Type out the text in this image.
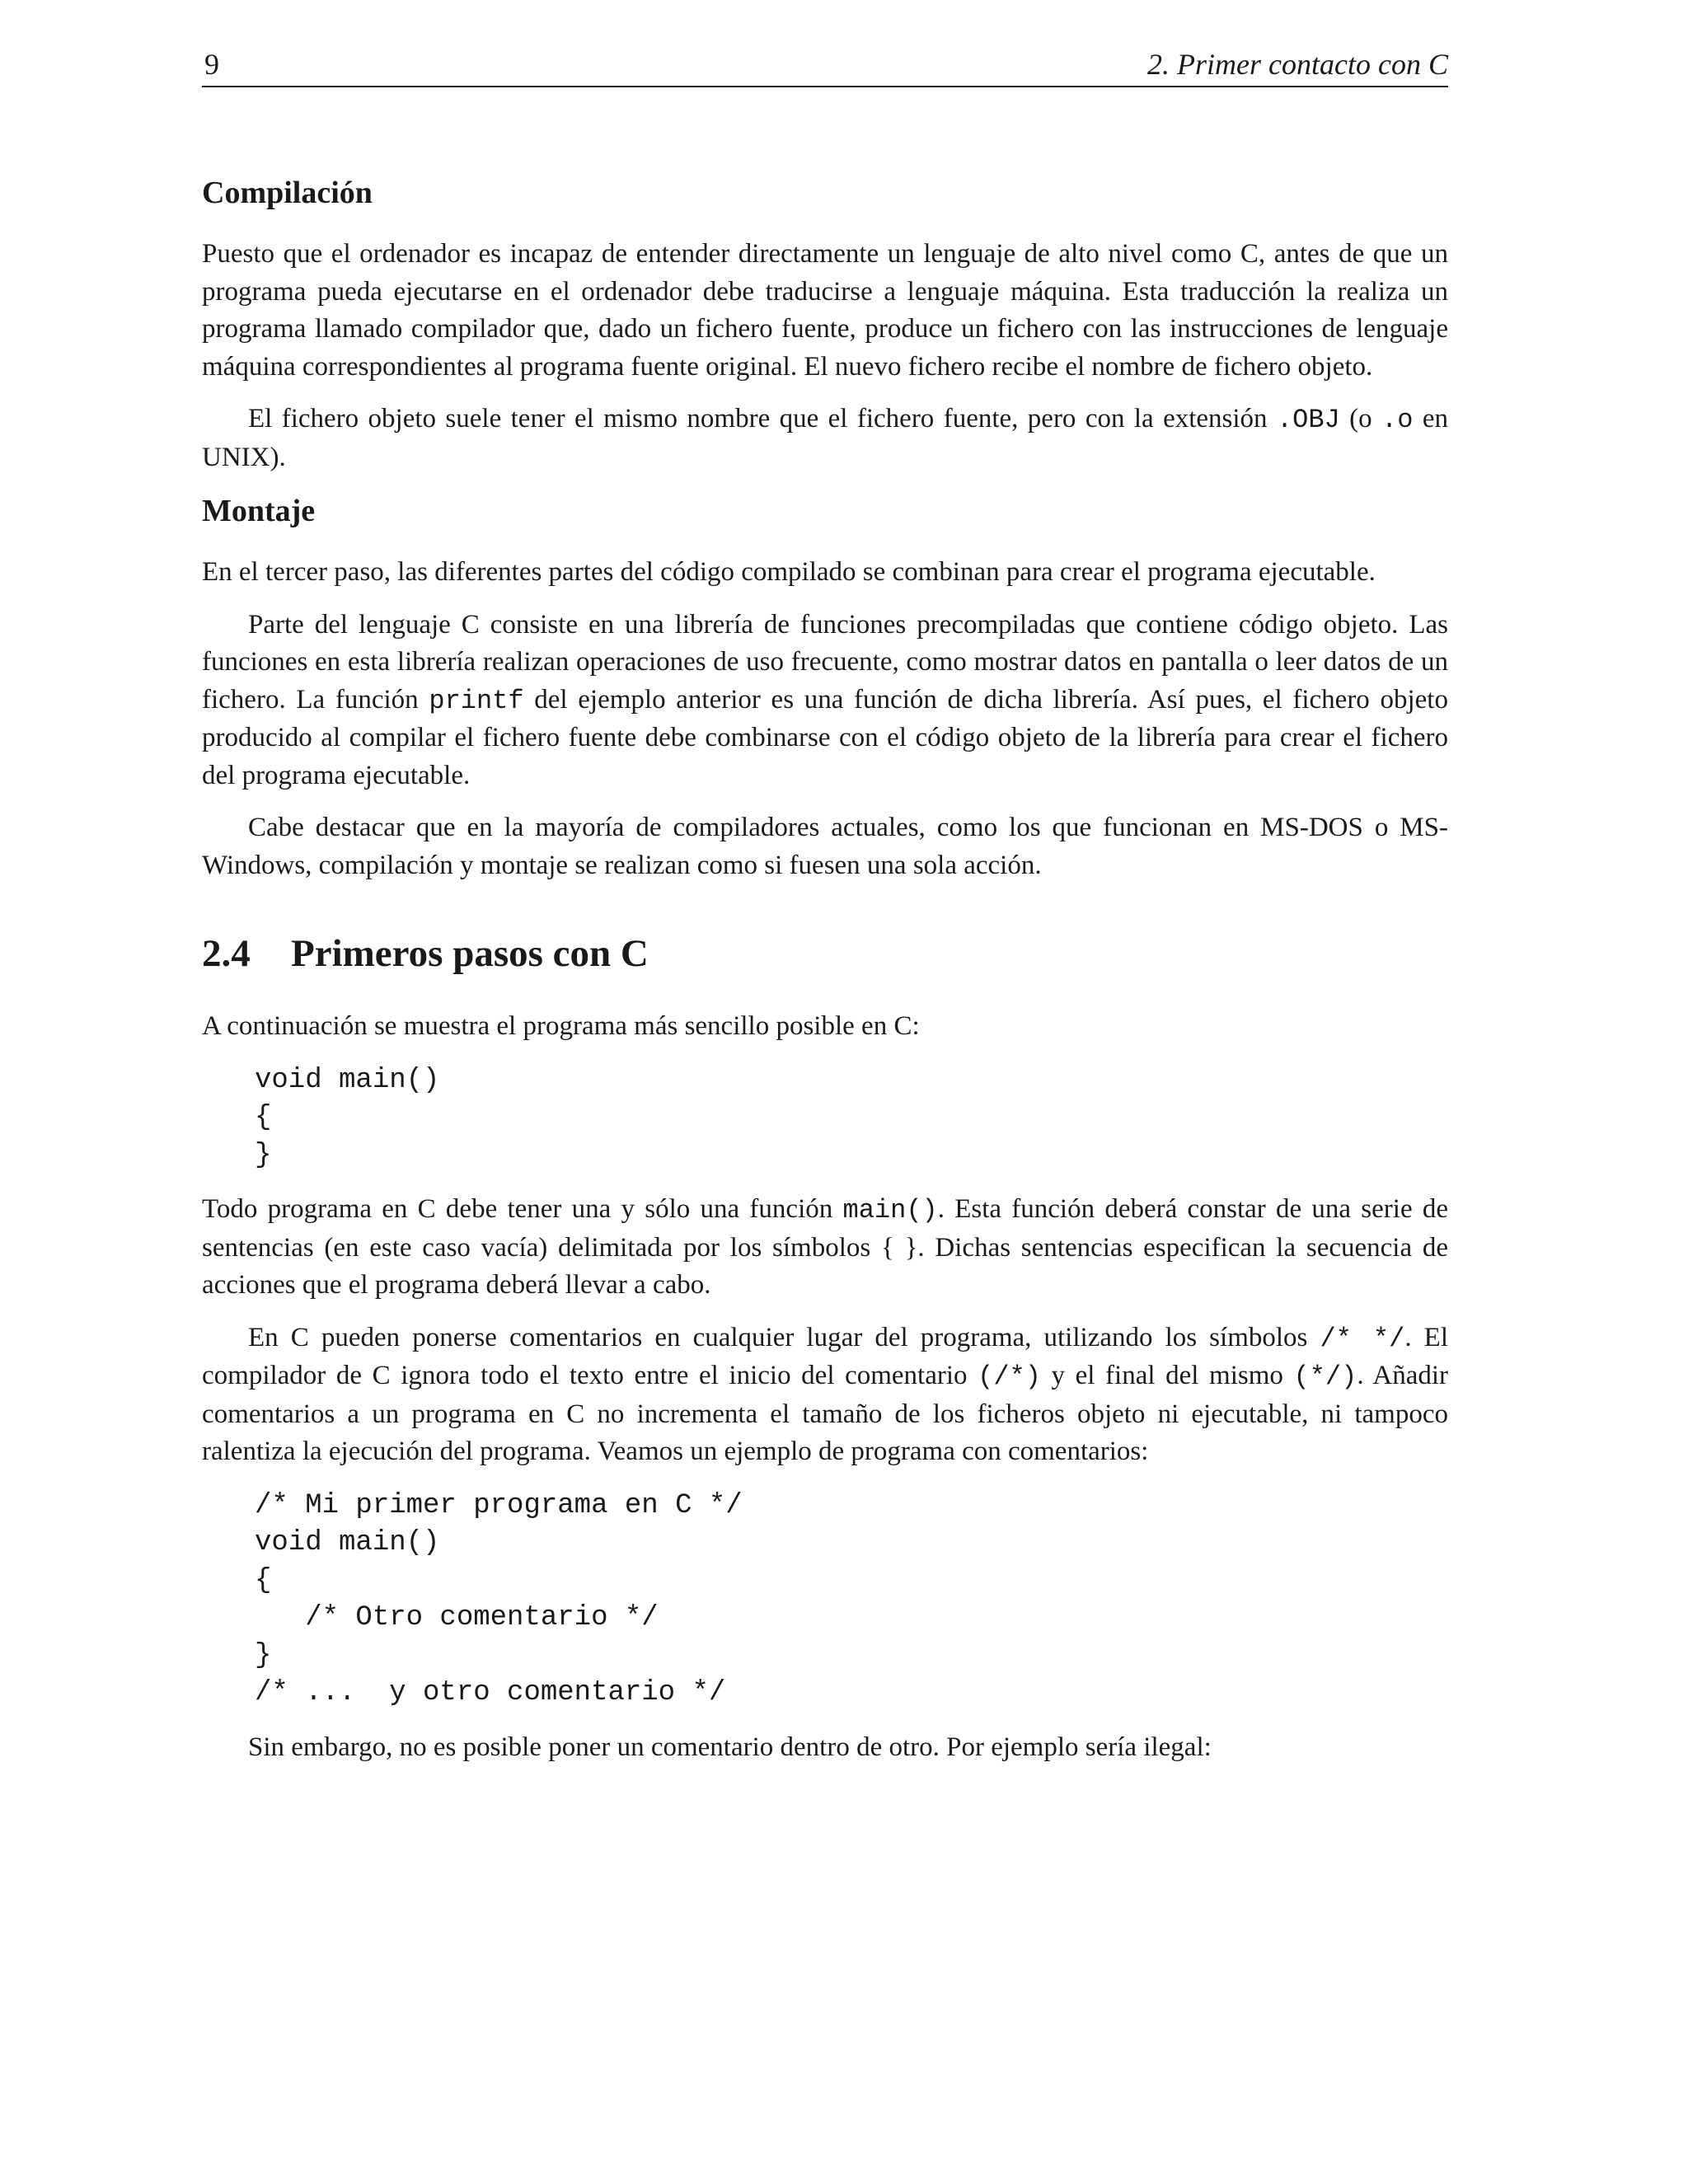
9	2. Primer contacto con C
Compilación

Puesto que el ordenador es incapaz de entender directamente un lenguaje de alto nivel como C, antes de que un programa pueda ejecutarse en el ordenador debe traducirse a lenguaje máquina. Esta traducción la realiza un programa llamado compilador que, dado un fichero fuente, produce un fichero con las instrucciones de lenguaje máquina correspondientes al programa fuente original. El nuevo fichero recibe el nombre de fichero objeto.

El fichero objeto suele tener el mismo nombre que el fichero fuente, pero con la extensión .OBJ (o .o en UNIX).

Montaje

En el tercer paso, las diferentes partes del código compilado se combinan para crear el programa ejecutable.

Parte del lenguaje C consiste en una librería de funciones precompiladas que contiene código objeto. Las funciones en esta librería realizan operaciones de uso frecuente, como mostrar datos en pantalla o leer datos de un fichero. La función printf del ejemplo anterior es una función de dicha librería. Así pues, el fichero objeto producido al compilar el fichero fuente debe combinarse con el código objeto de la librería para crear el fichero del programa ejecutable.

Cabe destacar que en la mayoría de compiladores actuales, como los que funcionan en MS-DOS o MS-Windows, compilación y montaje se realizan como si fuesen una sola acción.

2.4 Primeros pasos con C

A continuación se muestra el programa más sencillo posible en C:

void main()
{
}

Todo programa en C debe tener una y sólo una función main(). Esta función deberá constar de una serie de sentencias (en este caso vacía) delimitada por los símbolos { }. Dichas sentencias especifican la secuencia de acciones que el programa deberá llevar a cabo.

En C pueden ponerse comentarios en cualquier lugar del programa, utilizando los símbolos /* */. El compilador de C ignora todo el texto entre el inicio del comentario (/*) y el final del mismo (*/). Añadir comentarios a un programa en C no incrementa el tamaño de los ficheros objeto ni ejecutable, ni tampoco ralentiza la ejecución del programa. Veamos un ejemplo de programa con comentarios:

/* Mi primer programa en C */
void main()
{
/* Otro comentario */
}
/* ...  y otro comentario */

Sin embargo, no es posible poner un comentario dentro de otro. Por ejemplo sería ilegal:
